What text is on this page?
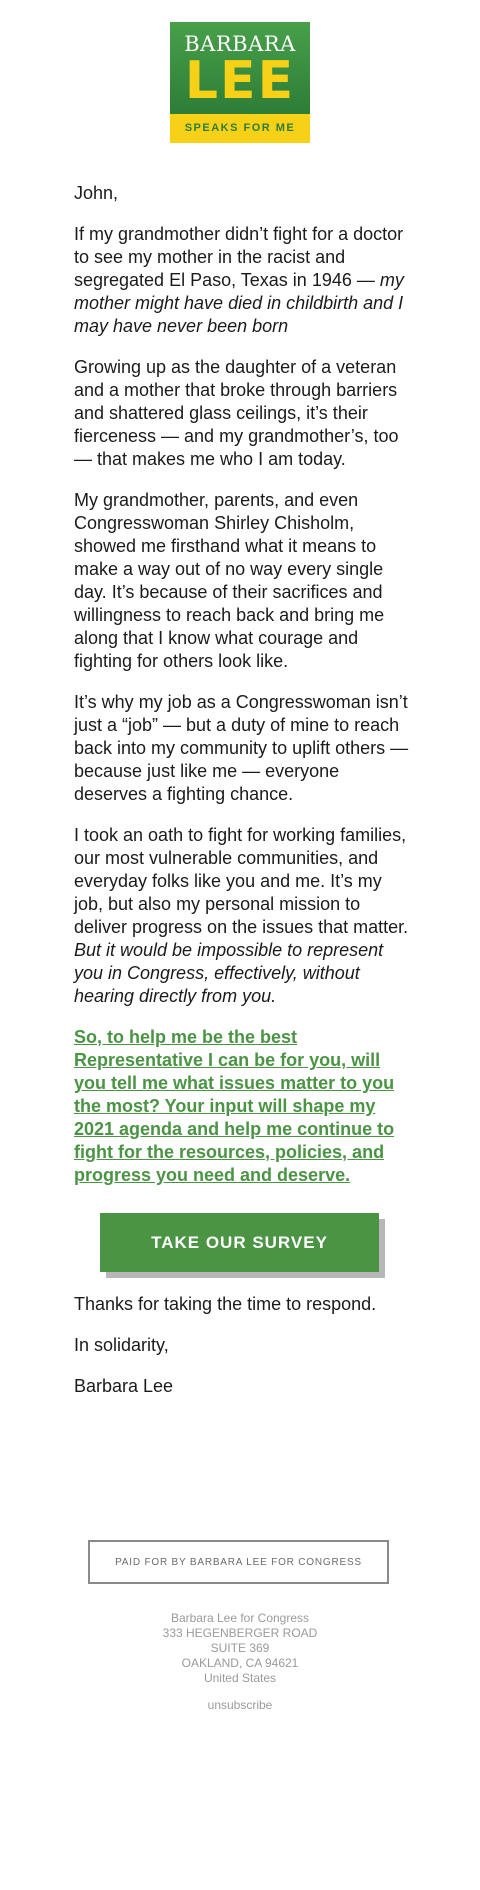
BARBARA
LEE
SPEAKS FOR ME

John,

If my grandmother didn’t fight for a doctor to see my mother in the racist and segregated El Paso, Texas in 1946 — my mother might have died in childbirth and I may have never been born

Growing up as the daughter of a veteran and a mother that broke through barriers and shattered glass ceilings, it’s their fierceness — and my grandmother’s, too — that makes me who I am today.

My grandmother, parents, and even Congresswoman Shirley Chisholm, showed me firsthand what it means to make a way out of no way every single day. It’s because of their sacrifices and willingness to reach back and bring me along that I know what courage and fighting for others look like.

It’s why my job as a Congresswoman isn’t just a “job” — but a duty of mine to reach back into my community to uplift others — because just like me — everyone deserves a fighting chance.

I took an oath to fight for working families, our most vulnerable communities, and everyday folks like you and me. It’s my job, but also my personal mission to deliver progress on the issues that matter. But it would be impossible to represent you in Congress, effectively, without hearing directly from you.

So, to help me be the best Representative I can be for you, will you tell me what issues matter to you the most? Your input will shape my 2021 agenda and help me continue to fight for the resources, policies, and progress you need and deserve.
TAKE OUR SURVEY

Thanks for taking the time to respond.

In solidarity,

Barbara Lee

PAID FOR BY BARBARA LEE FOR CONGRESS
Barbara Lee for Congress
333 HEGENBERGER ROAD
SUITE 369
OAKLAND, CA 94621
United States
unsubscribe
